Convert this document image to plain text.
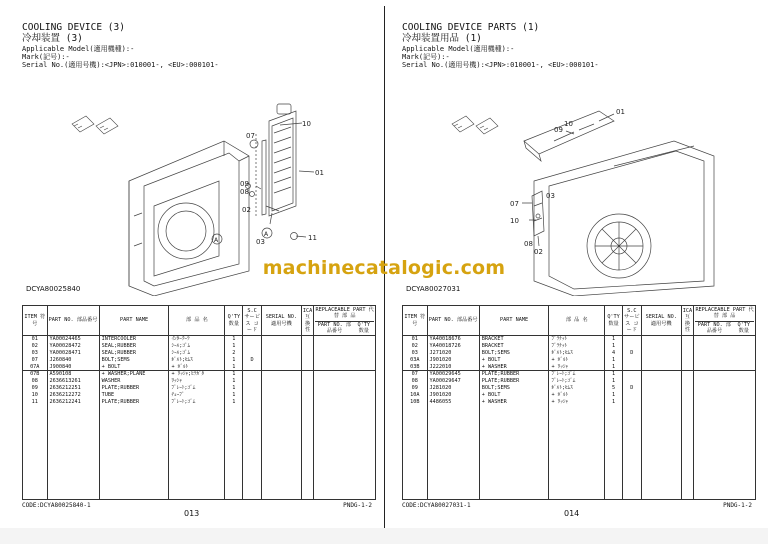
COOLING DEVICE (3)
冷却装置 (3)
Applicable Model(適用機種):-
Mark(記号):-
Serial No.(適用号機):<JPN>:010001-, <EU>:000101-
10
07
08
09
02
01
03	11
A
A
DCYA80025840
ITEM 符号	PART NO. 部品番号	PART NAME	部 品 名	Q'TY 数量	S.C サービス コード	SERIAL NO. 適用号機	ICA 互 換 性	REPLACEABLE PART 代 替 部 品
PART NO. 部品番号
Q'TY 数量

01	YA00024465	INTERCOOLER	ｲﾝﾀｰｸｰﾗ	1				
02	YA00028472	SEAL;RUBBER	ｼｰﾙ;ｺﾞﾑ	1				
03	YA00028471	SEAL;RUBBER	ｼｰﾙ;ｺﾞﾑ	2				
07	J260840	BOLT;SEMS	ﾎﾞﾙﾄ;ｾﾑｽ	1	D			
07A	J900840	+ BOLT	+ ﾎﾞﾙﾄ	1				
07B	A590108	+ WASHER;PLANE	+ ﾜｯｼｬ;ﾋﾗｶﾞﾀ	1				
08	2636613261	WASHER	ﾜｯｼｬ	1				
09	2636212251	PLATE;RUBBER	ﾌﾟﾚｰﾄ;ｺﾞﾑ	1				
10	2636212272	TUBE	ﾁｭｰﾌﾞ	1				
11	2636212241	PLATE;RUBBER	ﾌﾟﾚｰﾄ;ｺﾞﾑ	1				

CODE:DCYA80025840-1	PNDG-1-2
013
COOLING DEVICE PARTS (1)
冷却装置用品 (1)
Applicable Model(適用機種):-
Mark(記号):-
Serial No.(適用号機):<JPN>:010001-, <EU>:000101-
09
10
01
07
03
02
10
08
DCYA80027031
ITEM 符号	PART NO. 部品番号	PART NAME	部 品 名	Q'TY 数量	S.C サービス コード	SERIAL NO. 適用号機	ICA 互 換 性	REPLACEABLE PART 代 替 部 品
PART NO. 部品番号
Q'TY 数量

01	YA40018676	BRACKET	ﾌﾞﾗｹｯﾄ	1				
02	YA40018726	BRACKET	ﾌﾞﾗｹｯﾄ	1				
03	J271020	BOLT;SEMS	ﾎﾞﾙﾄ;ｾﾑｽ	4	D			
03A	J901020	+ BOLT	+ ﾎﾞﾙﾄ	1				
03B	J222010	+ WASHER	+ ﾜｯｼｬ	1				
07	YA00029645	PLATE;RUBBER	ﾌﾟﾚｰﾄ;ｺﾞﾑ	1				
08	YA00029647	PLATE;RUBBER	ﾌﾟﾚｰﾄ;ｺﾞﾑ	1				
09	J281020	BOLT;SEMS	ﾎﾞﾙﾄ;ｾﾑｽ	5	D			
10A	J901020	+ BOLT	+ ﾎﾞﾙﾄ	1				
10B	4486055	+ WASHER	+ ﾜｯｼｬ	1				

CODE:DCYA80027031-1	PNDG-1-2
014
machinecatalogic.com
